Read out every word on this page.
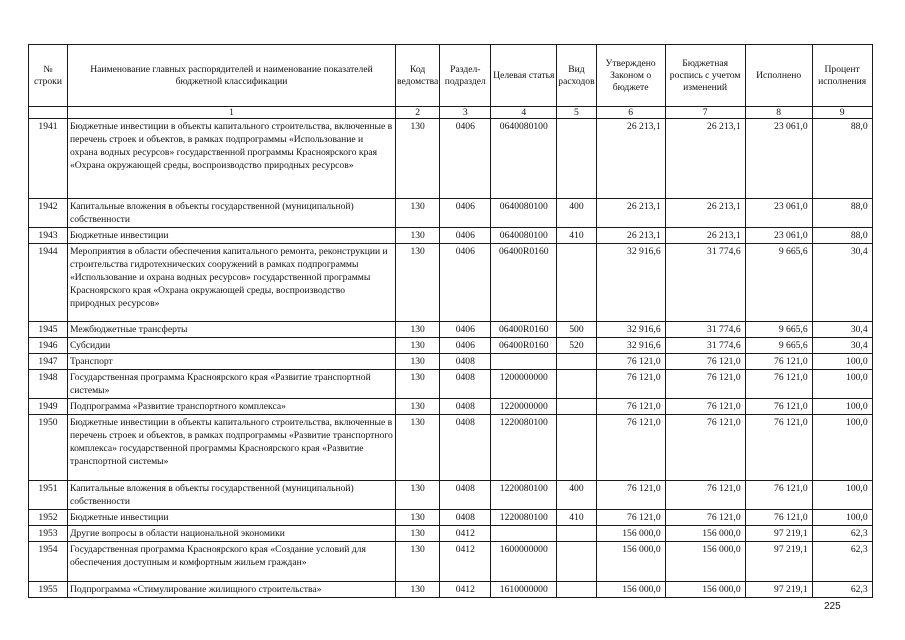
№ строки	Наименование главных распорядителей и наименование показателей бюджетной классификации	Код ведомства	Раздел-подраздел	Целевая статья	Вид расходов	Утверждено Законом о бюджете	Бюджетная роспись с учетом изменений	Исполнено	Процент исполнения
	1	2	3	4	5	6	7	8	9
1941	Бюджетные инвестиции в объекты капитального строительства, включенные в перечень строек и объектов, в рамках подпрограммы «Использование и охрана водных ресурсов» государственной программы Красноярского края «Охрана окружающей среды, воспроизводство природных ресурсов»	130	0406	0640080100		26 213,1	26 213,1	23 061,0	88,0
1942	Капитальные вложения в объекты государственной (муниципальной) собственности	130	0406	0640080100	400	26 213,1	26 213,1	23 061,0	88,0
1943	Бюджетные инвестиции	130	0406	0640080100	410	26 213,1	26 213,1	23 061,0	88,0
1944	Мероприятия в области обеспечения капитального ремонта, реконструкции и строительства гидротехнических сооружений в рамках подпрограммы «Использование и охрана водных ресурсов» государственной программы Красноярского края «Охрана окружающей среды, воспроизводство природных ресурсов»	130	0406	06400R0160		32 916,6	31 774,6	9 665,6	30,4
1945	Межбюджетные трансферты	130	0406	06400R0160	500	32 916,6	31 774,6	9 665,6	30,4
1946	Субсидии	130	0406	06400R0160	520	32 916,6	31 774,6	9 665,6	30,4
1947	Транспорт	130	0408			76 121,0	76 121,0	76 121,0	100,0
1948	Государственная программа Красноярского края «Развитие транспортной системы»	130	0408	1200000000		76 121,0	76 121,0	76 121,0	100,0
1949	Подпрограмма «Развитие транспортного комплекса»	130	0408	1220000000		76 121,0	76 121,0	76 121,0	100,0
1950	Бюджетные инвестиции в объекты капитального строительства, включенные в перечень строек и объектов, в рамках подпрограммы «Развитие транспортного комплекса» государственной программы Красноярского края «Развитие транспортной системы»	130	0408	1220080100		76 121,0	76 121,0	76 121,0	100,0
1951	Капитальные вложения в объекты государственной (муниципальной) собственности	130	0408	1220080100	400	76 121,0	76 121,0	76 121,0	100,0
1952	Бюджетные инвестиции	130	0408	1220080100	410	76 121,0	76 121,0	76 121,0	100,0
1953	Другие вопросы в области национальной экономики	130	0412			156 000,0	156 000,0	97 219,1	62,3
1954	Государственная программа Красноярского края «Создание условий для обеспечения доступным и комфортным жильем граждан»	130	0412	1600000000		156 000,0	156 000,0	97 219,1	62,3
1955	Подпрограмма «Стимулирование жилищного строительства»	130	0412	1610000000		156 000,0	156 000,0	97 219,1	62,3
225
